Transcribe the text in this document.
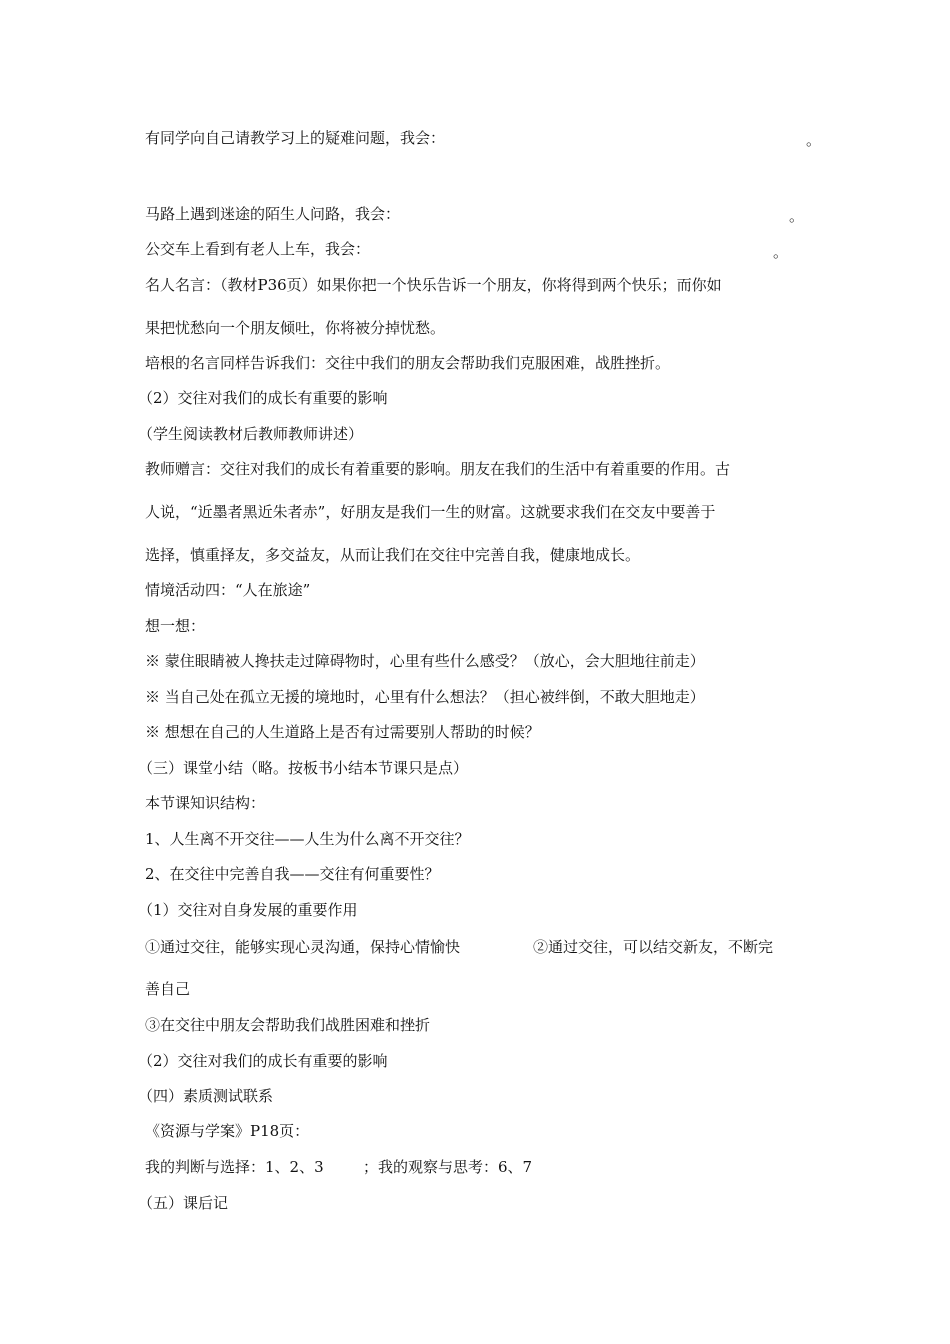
有同学向自己请教学习上的疑难问题，我会：	。
马路上遇到迷途的陌生人问路，我会：	。
公交车上看到有老人上车，我会：	。
名人名言：（教材P36页）如果你把一个快乐告诉一个朋友，你将得到两个快乐；而你如
果把忧愁向一个朋友倾吐，你将被分掉忧愁。
培根的名言同样告诉我们：交往中我们的朋友会帮助我们克服困难，战胜挫折。
（2）交往对我们的成长有重要的影响
（学生阅读教材后教师教师讲述）
教师赠言：交往对我们的成长有着重要的影响。朋友在我们的生活中有着重要的作用。古
人说，“近墨者黑近朱者赤”，好朋友是我们一生的财富。这就要求我们在交友中要善于
选择，慎重择友，多交益友，从而让我们在交往中完善自我，健康地成长。
情境活动四：“人在旅途”
想一想：
※ 蒙住眼睛被人搀扶走过障碍物时，心里有些什么感受？（放心，会大胆地往前走）
※ 当自己处在孤立无援的境地时，心里有什么想法？（担心被绊倒，不敢大胆地走）
※ 想想在自己的人生道路上是否有过需要别人帮助的时候？
（三）课堂小结（略。按板书小结本节课只是点）
本节课知识结构：
1、人生离不开交往——人生为什么离不开交往？
2、在交往中完善自我——交往有何重要性？
（1）交往对自身发展的重要作用
①通过交往，能够实现心灵沟通，保持心情愉快	②通过交往，可以结交新友，不断完
善自己
③在交往中朋友会帮助我们战胜困难和挫折
（2）交往对我们的成长有重要的影响
（四）素质测试联系
《资源与学案》P18页：
我的判断与选择：1、2、3	；我的观察与思考：6、7
（五）课后记
